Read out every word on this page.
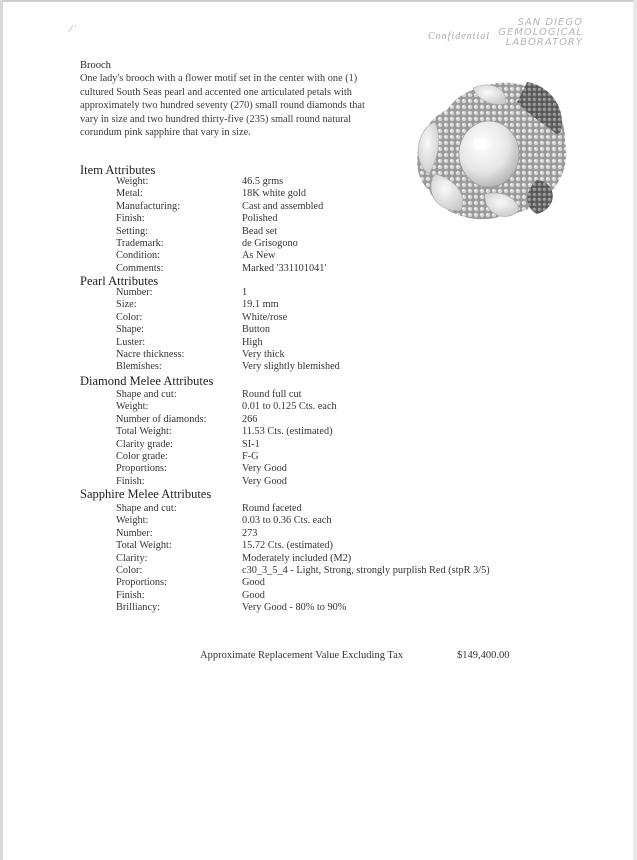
⁄ ˙
SAN DIEGO
GEMOLOGICAL
LABORATORY
Confidential

Brooch

One lady's brooch with a flower motif set in the center with one (1) cultured South Seas pearl and accented one articulated petals with approximately two hundred seventy (270) small round diamonds that vary in size and two hundred thirty-five (235) small round natural corundum pink sapphire that vary in size.

Item Attributes
Weight:	46.5 grms
Metal:	18K white gold
Manufacturing:	Cast and assembled
Finish:	Polished
Setting:	Bead set
Trademark:	de Grisogono
Condition:	As New
Comments:	Marked '331101041'
Pearl Attributes
Number:	1
Size:	19.1 mm
Color:	White/rose
Shape:	Button
Luster:	High
Nacre thickness:	Very thick
Blemishes:	Very slightly blemished
Diamond Melee Attributes
Shape and cut:	Round full cut
Weight:	0.01 to 0.125 Cts. each
Number of diamonds:	266
Total Weight:	11.53 Cts. (estimated)
Clarity grade:	SI-1
Color grade:	F-G
Proportions:	Very Good
Finish:	Very Good
Sapphire Melee Attributes
Shape and cut:	Round faceted
Weight:	0.03 to 0.36 Cts. each
Number:	273
Total Weight:	15.72 Cts. (estimated)
Clarity:	Moderately included (M2)
Color:	c30_3_5_4 - Light, Strong, strongly purplish Red (stpR 3/5)
Proportions:	Good
Finish:	Good
Brilliancy:	Very Good - 80% to 90%
Approximate Replacement Value Excluding Tax	$149,400.00
